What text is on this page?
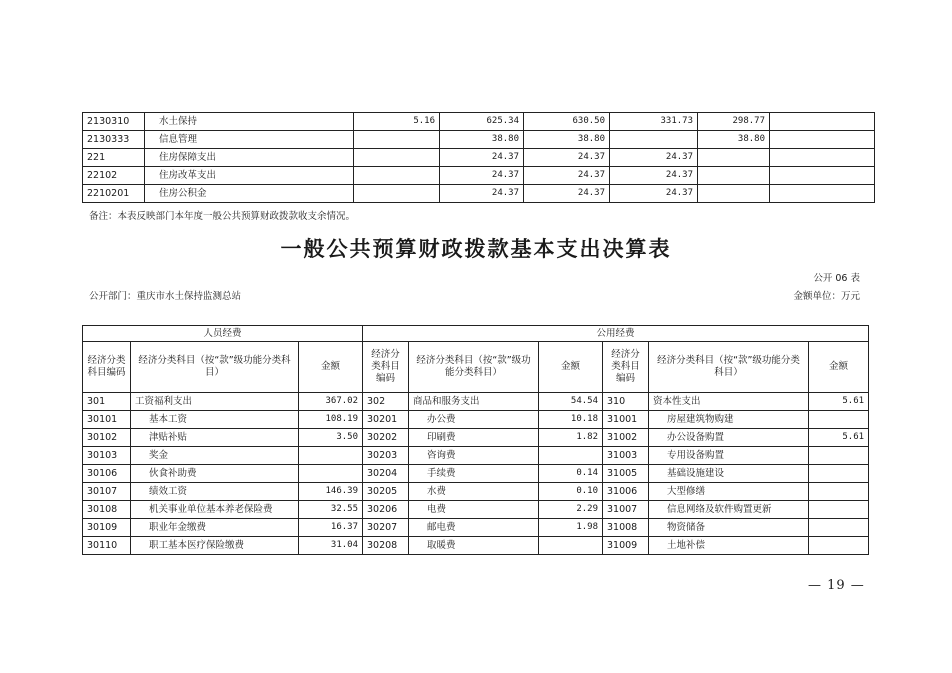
2130310	水土保持	5.16	625.34	630.50	331.73	298.77	
2130333	信息管理		38.80	38.80		38.80	
221	住房保障支出		24.37	24.37	24.37		
22102	住房改革支出		24.37	24.37	24.37		
2210201	住房公积金		24.37	24.37	24.37		
备注：本表反映部门本年度一般公共预算财政拨款收支余情况。
一般公共预算财政拨款基本支出决算表
公开 06 表
公开部门：重庆市水土保持监测总站	金额单位：万元
人员经费			公用经费					
经济分类科目编码	经济分类科目（按“款”级功能分类科目）	金额	经济分类科目编码	经济分类科目（按“款”级功能分类科目）	金额	经济分类科目编码	经济分类科目（按“款”级功能分类科目）	金额
301	工资福利支出	367.02	302	商品和服务支出	54.54	310	资本性支出	5.61
30101	基本工资	108.19	30201	办公费	10.18	31001	房屋建筑物购建	
30102	津贴补贴	3.50	30202	印刷费	1.82	31002	办公设备购置	5.61
30103	奖金		30203	咨询费		31003	专用设备购置	
30106	伙食补助费		30204	手续费	0.14	31005	基础设施建设	
30107	绩效工资	146.39	30205	水费	0.10	31006	大型修缮	
30108	机关事业单位基本养老保险费	32.55	30206	电费	2.29	31007	信息网络及软件购置更新	
30109	职业年金缴费	16.37	30207	邮电费	1.98	31008	物资储备	
30110	职工基本医疗保险缴费	31.04	30208	取暖费		31009	土地补偿	
— 19 —
